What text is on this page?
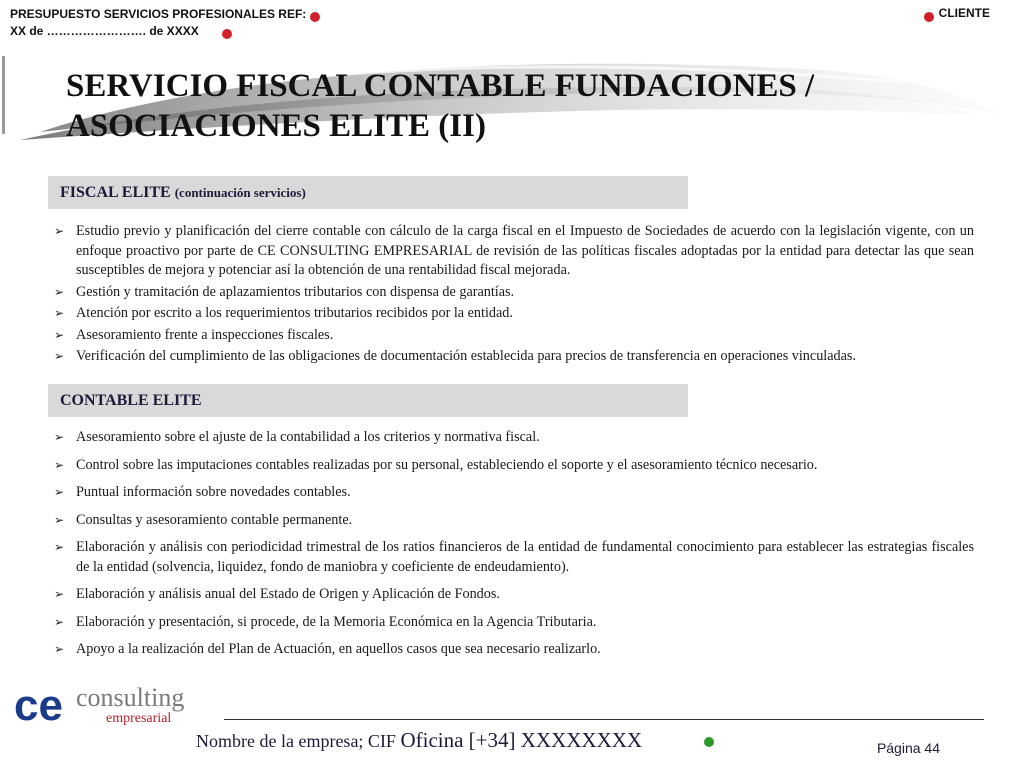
PRESUPUESTO SERVICIOS PROFESIONALES REF:
XX de ……………………. de XXXX
CLIENTE
SERVICIO FISCAL CONTABLE FUNDACIONES /
ASOCIACIONES ELITE (II)
FISCAL ELITE (continuación servicios)
➢ Estudio previo y planificación del cierre contable con cálculo de la carga fiscal en el Impuesto de Sociedades de acuerdo con la legislación vigente, con un enfoque proactivo por parte de CE CONSULTING EMPRESARIAL de revisión de las políticas fiscales adoptadas por la entidad para detectar las que sean susceptibles de mejora y potenciar así la obtención de una rentabilidad fiscal mejorada.
➢ Gestión y tramitación de aplazamientos tributarios con dispensa de garantías.
➢ Atención por escrito a los requerimientos tributarios recibidos por la entidad.
➢ Asesoramiento frente a inspecciones fiscales.
➢ Verificación del cumplimiento de las obligaciones de documentación establecida para precios de transferencia en operaciones vinculadas.
CONTABLE ELITE
➢ Asesoramiento sobre el ajuste de la contabilidad a los criterios y normativa fiscal.
➢ Control sobre las imputaciones contables realizadas por su personal, estableciendo el soporte y el asesoramiento técnico necesario.
➢ Puntual información sobre novedades contables.
➢ Consultas y asesoramiento contable permanente.
➢ Elaboración y análisis con periodicidad trimestral de los ratios financieros de la entidad de fundamental conocimiento para establecer las estrategias fiscales de la entidad (solvencia, liquidez, fondo de maniobra y coeficiente de endeudamiento).
➢ Elaboración y análisis anual del Estado de Origen y Aplicación de Fondos.
➢ Elaboración y presentación, si procede, de la Memoria Económica en la Agencia Tributaria.
➢ Apoyo a la realización del Plan de Actuación, en aquellos casos que sea necesario realizarlo.
ce consulting
empresarial
Nombre de la empresa; CIF Oficina [+34] XXXXXXXX	Página 44
